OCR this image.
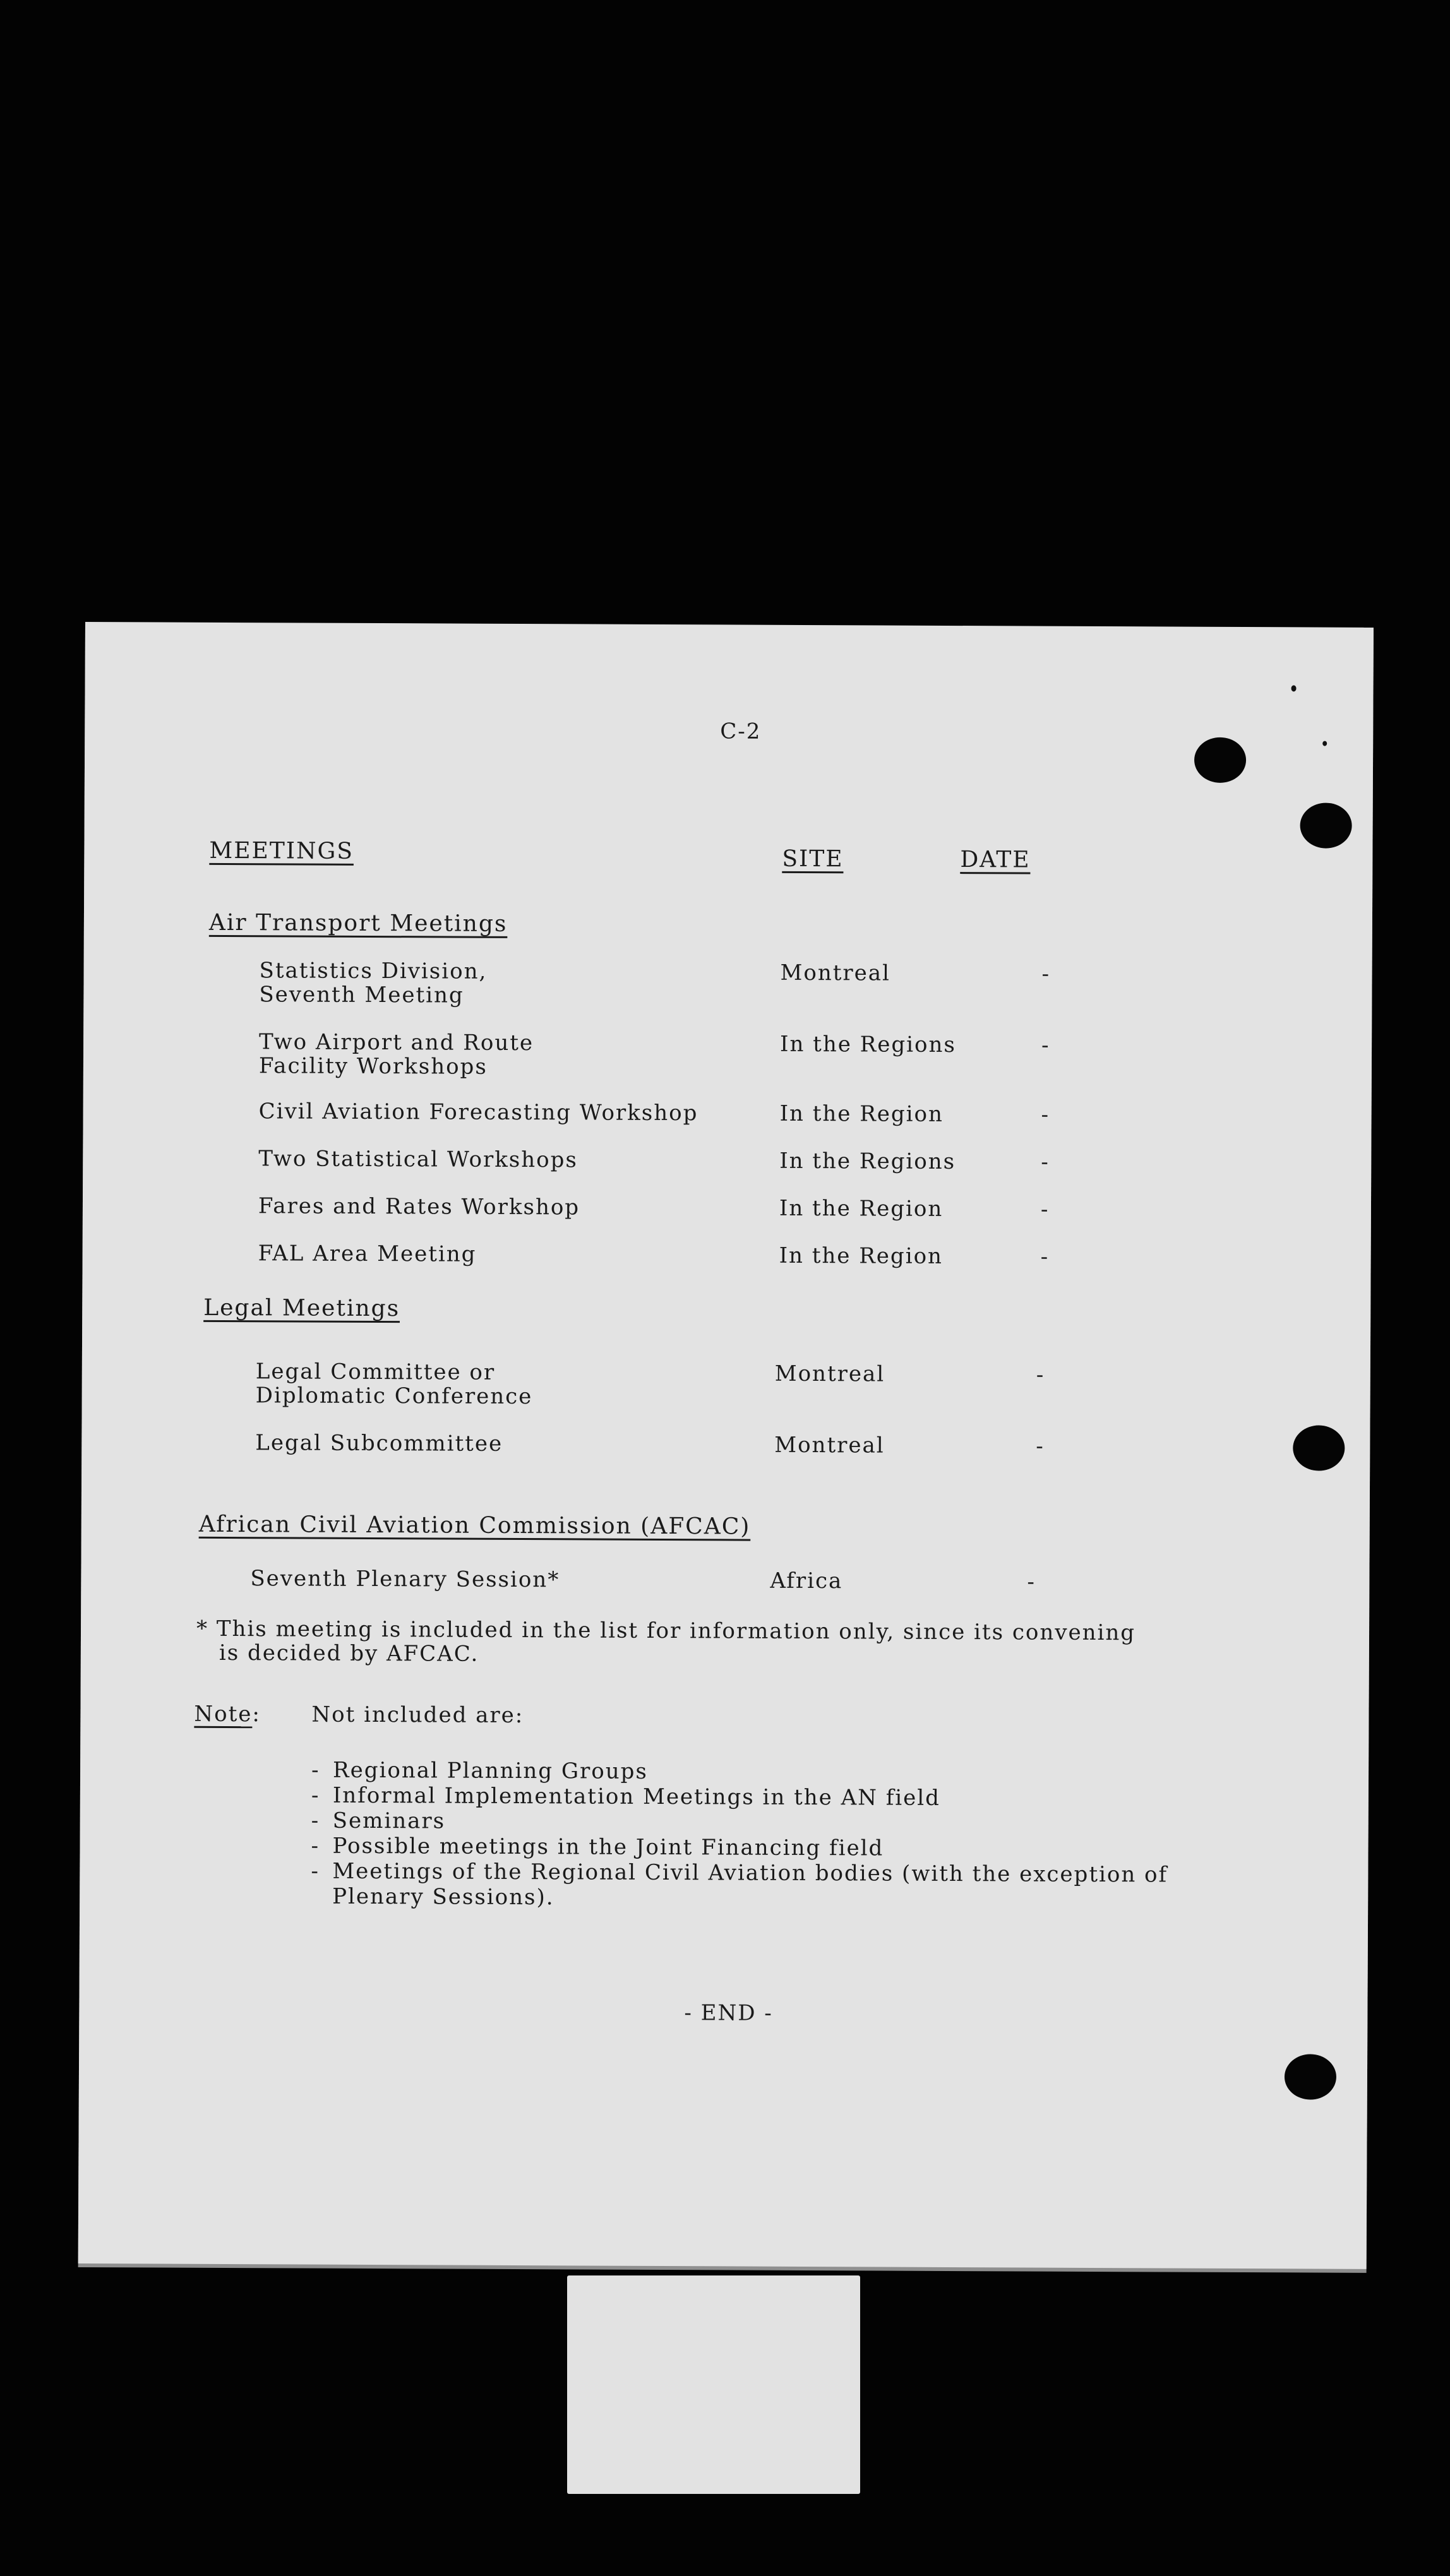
C-2
MEETINGS	SITE	DATE
Air Transport Meetings
Statistics Division,
Seventh Meeting
Montreal	-
Two Airport and Route
Facility Workshops
In the Regions	-
Civil Aviation Forecasting Workshop	In the Region	-
Two Statistical Workshops	In the Regions	-
Fares and Rates Workshop	In the Region	-
FAL Area Meeting	In the Region	-
Legal Meetings
Legal Committee or
Diplomatic Conference
Montreal	-
Legal Subcommittee	Montreal	-
African Civil Aviation Commission (AFCAC)
Seventh Plenary Session*	Africa	-
* This meeting is included in the list for information only, since its convening
is decided by AFCAC.
Note: Not included are:
- Regional Planning Groups
- Informal Implementation Meetings in the AN field
- Seminars
- Possible meetings in the Joint Financing field
- Meetings of the Regional Civil Aviation bodies (with the exception of
Plenary Sessions).
- END -
